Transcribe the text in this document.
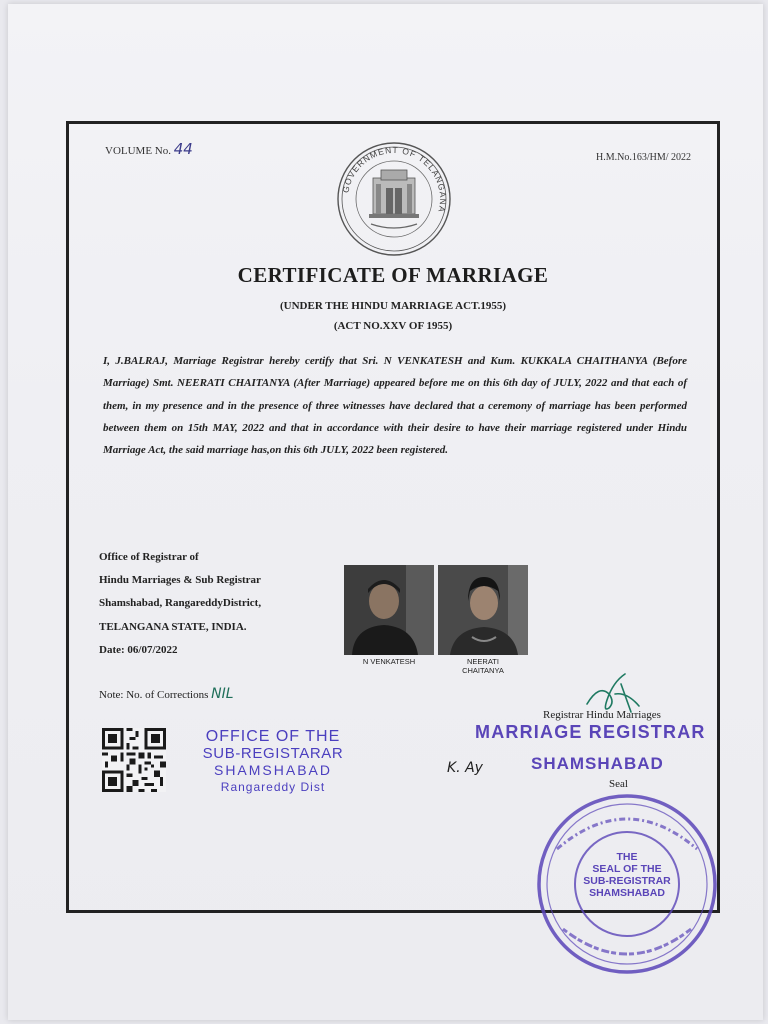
VOLUME No. 44	H.M.No.163/HM/ 2022
GOVERNMENT OF TELANGANA
CERTIFICATE OF MARRIAGE
(UNDER THE HINDU MARRIAGE ACT.1955)
(ACT NO.XXV OF 1955)
I, J.BALRAJ, Marriage Registrar hereby certify that Sri. N VENKATESH and Kum. KUKKALA CHAITHANYA (Before Marriage) Smt. NEERATI CHAITANYA (After Marriage) appeared before me on this 6th day of JULY, 2022 and that each of them, in my presence and in the presence of three witnesses have declared that a ceremony of marriage has been performed between them on 15th MAY, 2022 and that in accordance with their desire to have their marriage registered under Hindu Marriage Act, the said marriage has,on this 6th JULY, 2022 been registered.
Office of Registrar of
Hindu Marriages & Sub Registrar
Shamshabad, RangareddyDistrict,
TELANGANA STATE, INDIA.
Date: 06/07/2022
N VENKATESH	NEERATI
CHAITANYA
Note: No. of Corrections NIL
OFFICE OF THE
SUB-REGISTARAR
SHAMSHABAD
Rangareddy Dist
Registrar Hindu Marriages
MARRIAGE REGISTRAR
K. Ay	SHAMSHABAD
Seal
THE
SEAL OF THE
SUB-REGISTRAR
SHAMSHABAD
